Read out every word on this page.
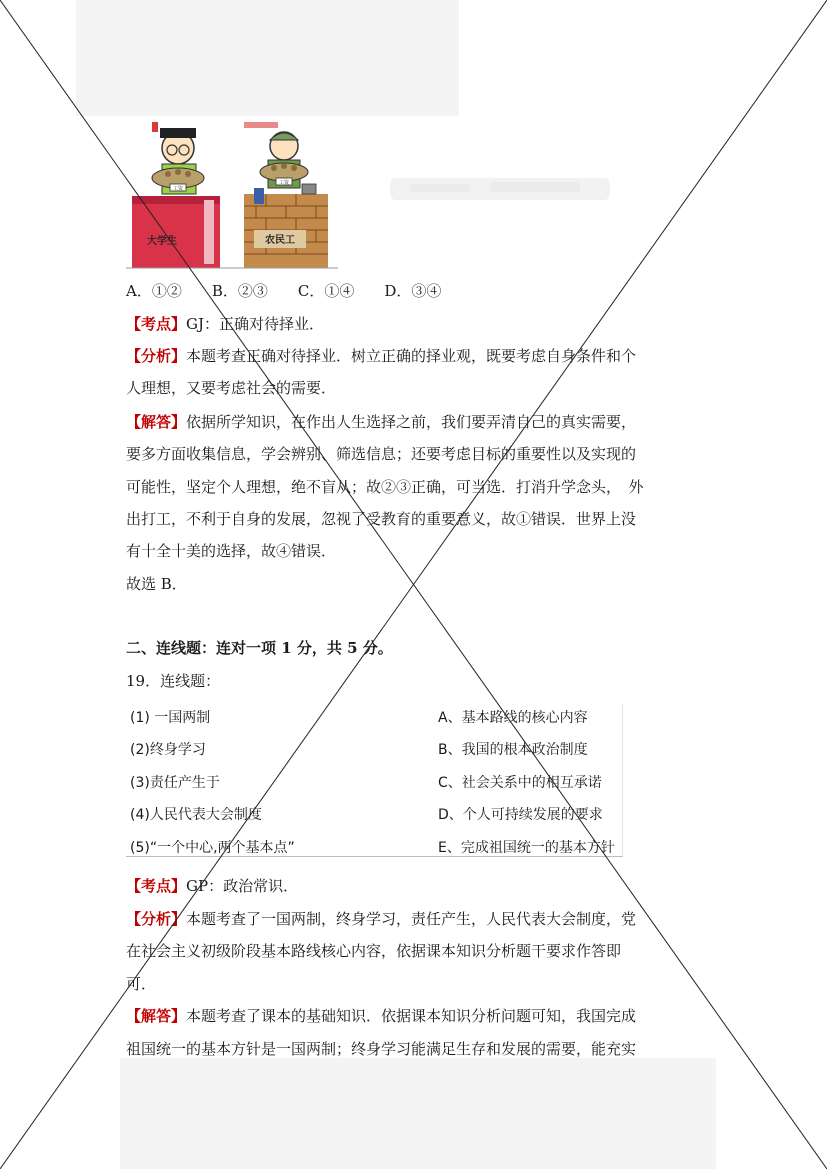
工资
大学生
工资
农民工
A．①②　　B．②③　　C．①④　　D．③④
【考点】GJ：正确对待择业．
【分析】本题考查正确对待择业．树立正确的择业观，既要考虑自身条件和个
人理想，又要考虑社会的需要．
【解答】依据所学知识，在作出人生选择之前，我们要弄清自己的真实需要，
要多方面收集信息，学会辨别、筛选信息；还要考虑目标的重要性以及实现的
可能性，坚定个人理想，绝不盲从；故②③正确，可当选．打消升学念头，　外
出打工，不利于自身的发展，忽视了受教育的重要意义，故①错误．世界上没
有十全十美的选择，故④错误．
故选 B．
二、连线题：连对一项 1 分，共 5 分。
19．连线题：
(1) 一国两制
(2)终身学习
(3)责任产生于
(4)人民代表大会制度
(5)“一个中心,两个基本点”
A、基本路线的核心内容
B、我国的根本政治制度
C、社会关系中的相互承诺
D、个人可持续发展的要求
E、完成祖国统一的基本方针
【考点】GP：政治常识．
【分析】本题考查了一国两制，终身学习，责任产生，人民代表大会制度，党
在社会主义初级阶段基本路线核心内容，依据课本知识分析题干要求作答即
可．
【解答】本题考查了课本的基础知识．依据课本知识分析问题可知，我国完成
祖国统一的基本方针是一国两制；终身学习能满足生存和发展的需要，能充实
